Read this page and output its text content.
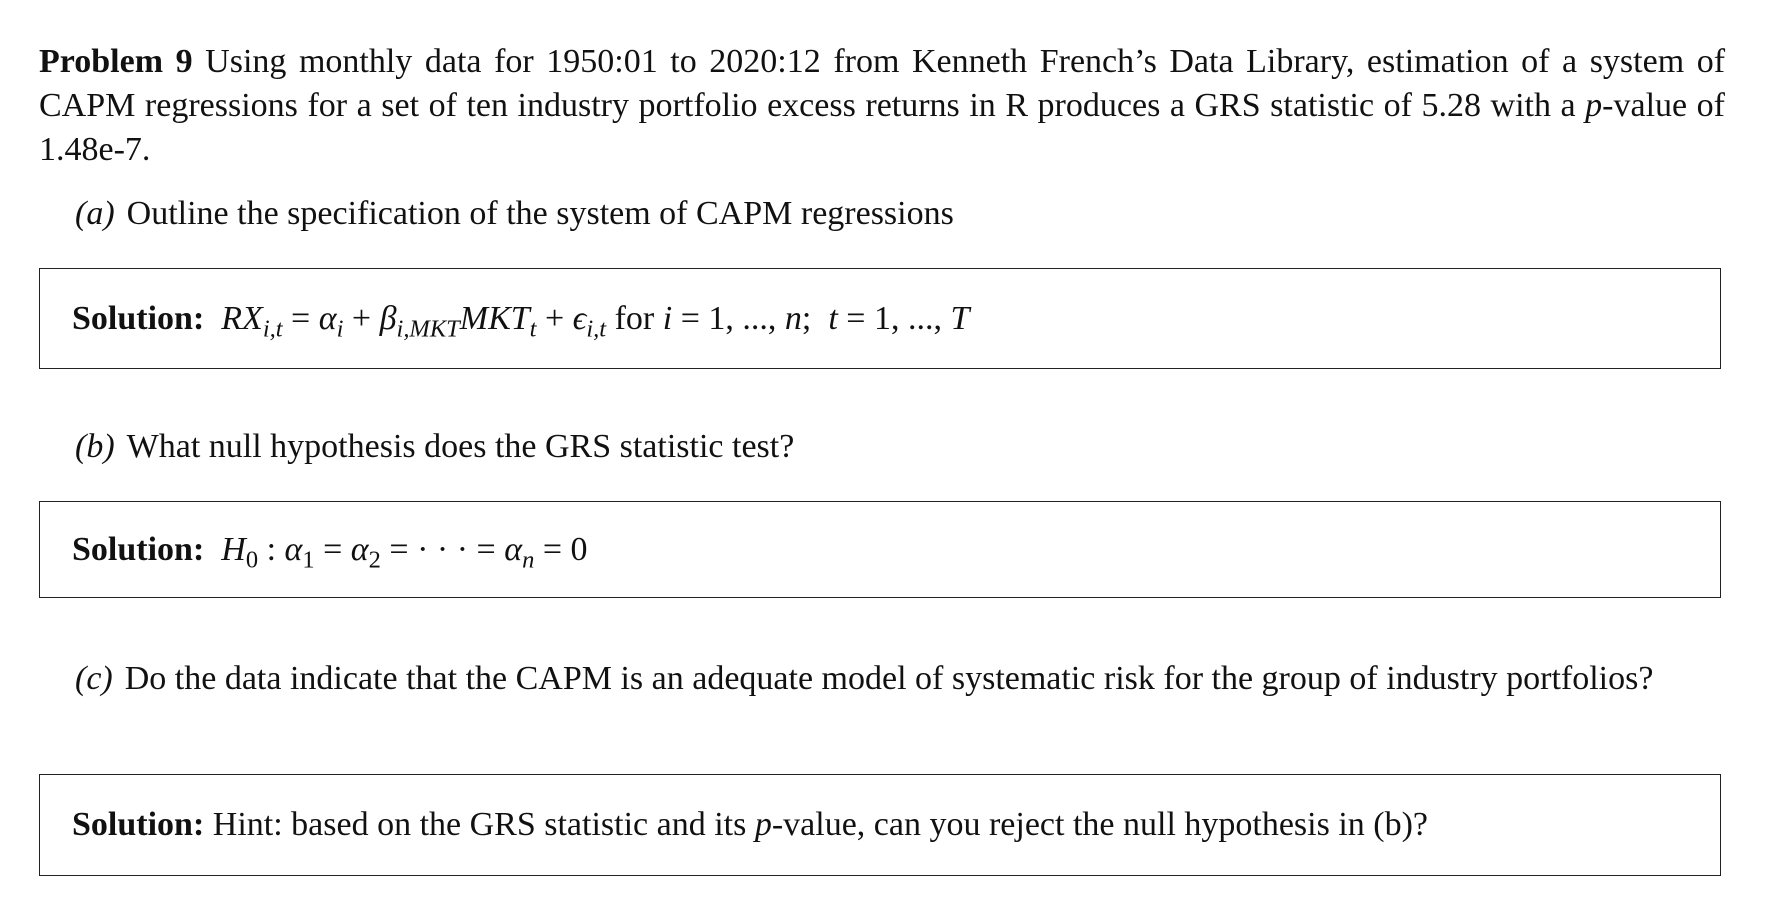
Problem 9 Using monthly data for 1950:01 to 2020:12 from Kenneth French’s Data Library, estimation of a system of CAPM regressions for a set of ten industry portfolio excess returns in R produces a GRS statistic of 5.28 with a p-value of 1.48e-7.

(a) Outline the specification of the system of CAPM regressions

Solution:  $RX_{i,t} = \alpha_i + \beta_{i,MKT}MKT_t + \epsilon_{i,t}$ for i = 1, ..., n;  t = 1, ..., T

(b) What null hypothesis does the GRS statistic test?

Solution:  $H_0$ : $\alpha_1 = \alpha_2$ = · · · = $\alpha_n = 0$

(c) Do the data indicate that the CAPM is an adequate model of systematic risk for the group of industry portfolios?

Solution: Hint: based on the GRS statistic and its p-value, can you reject the null hypothesis in (b)?
